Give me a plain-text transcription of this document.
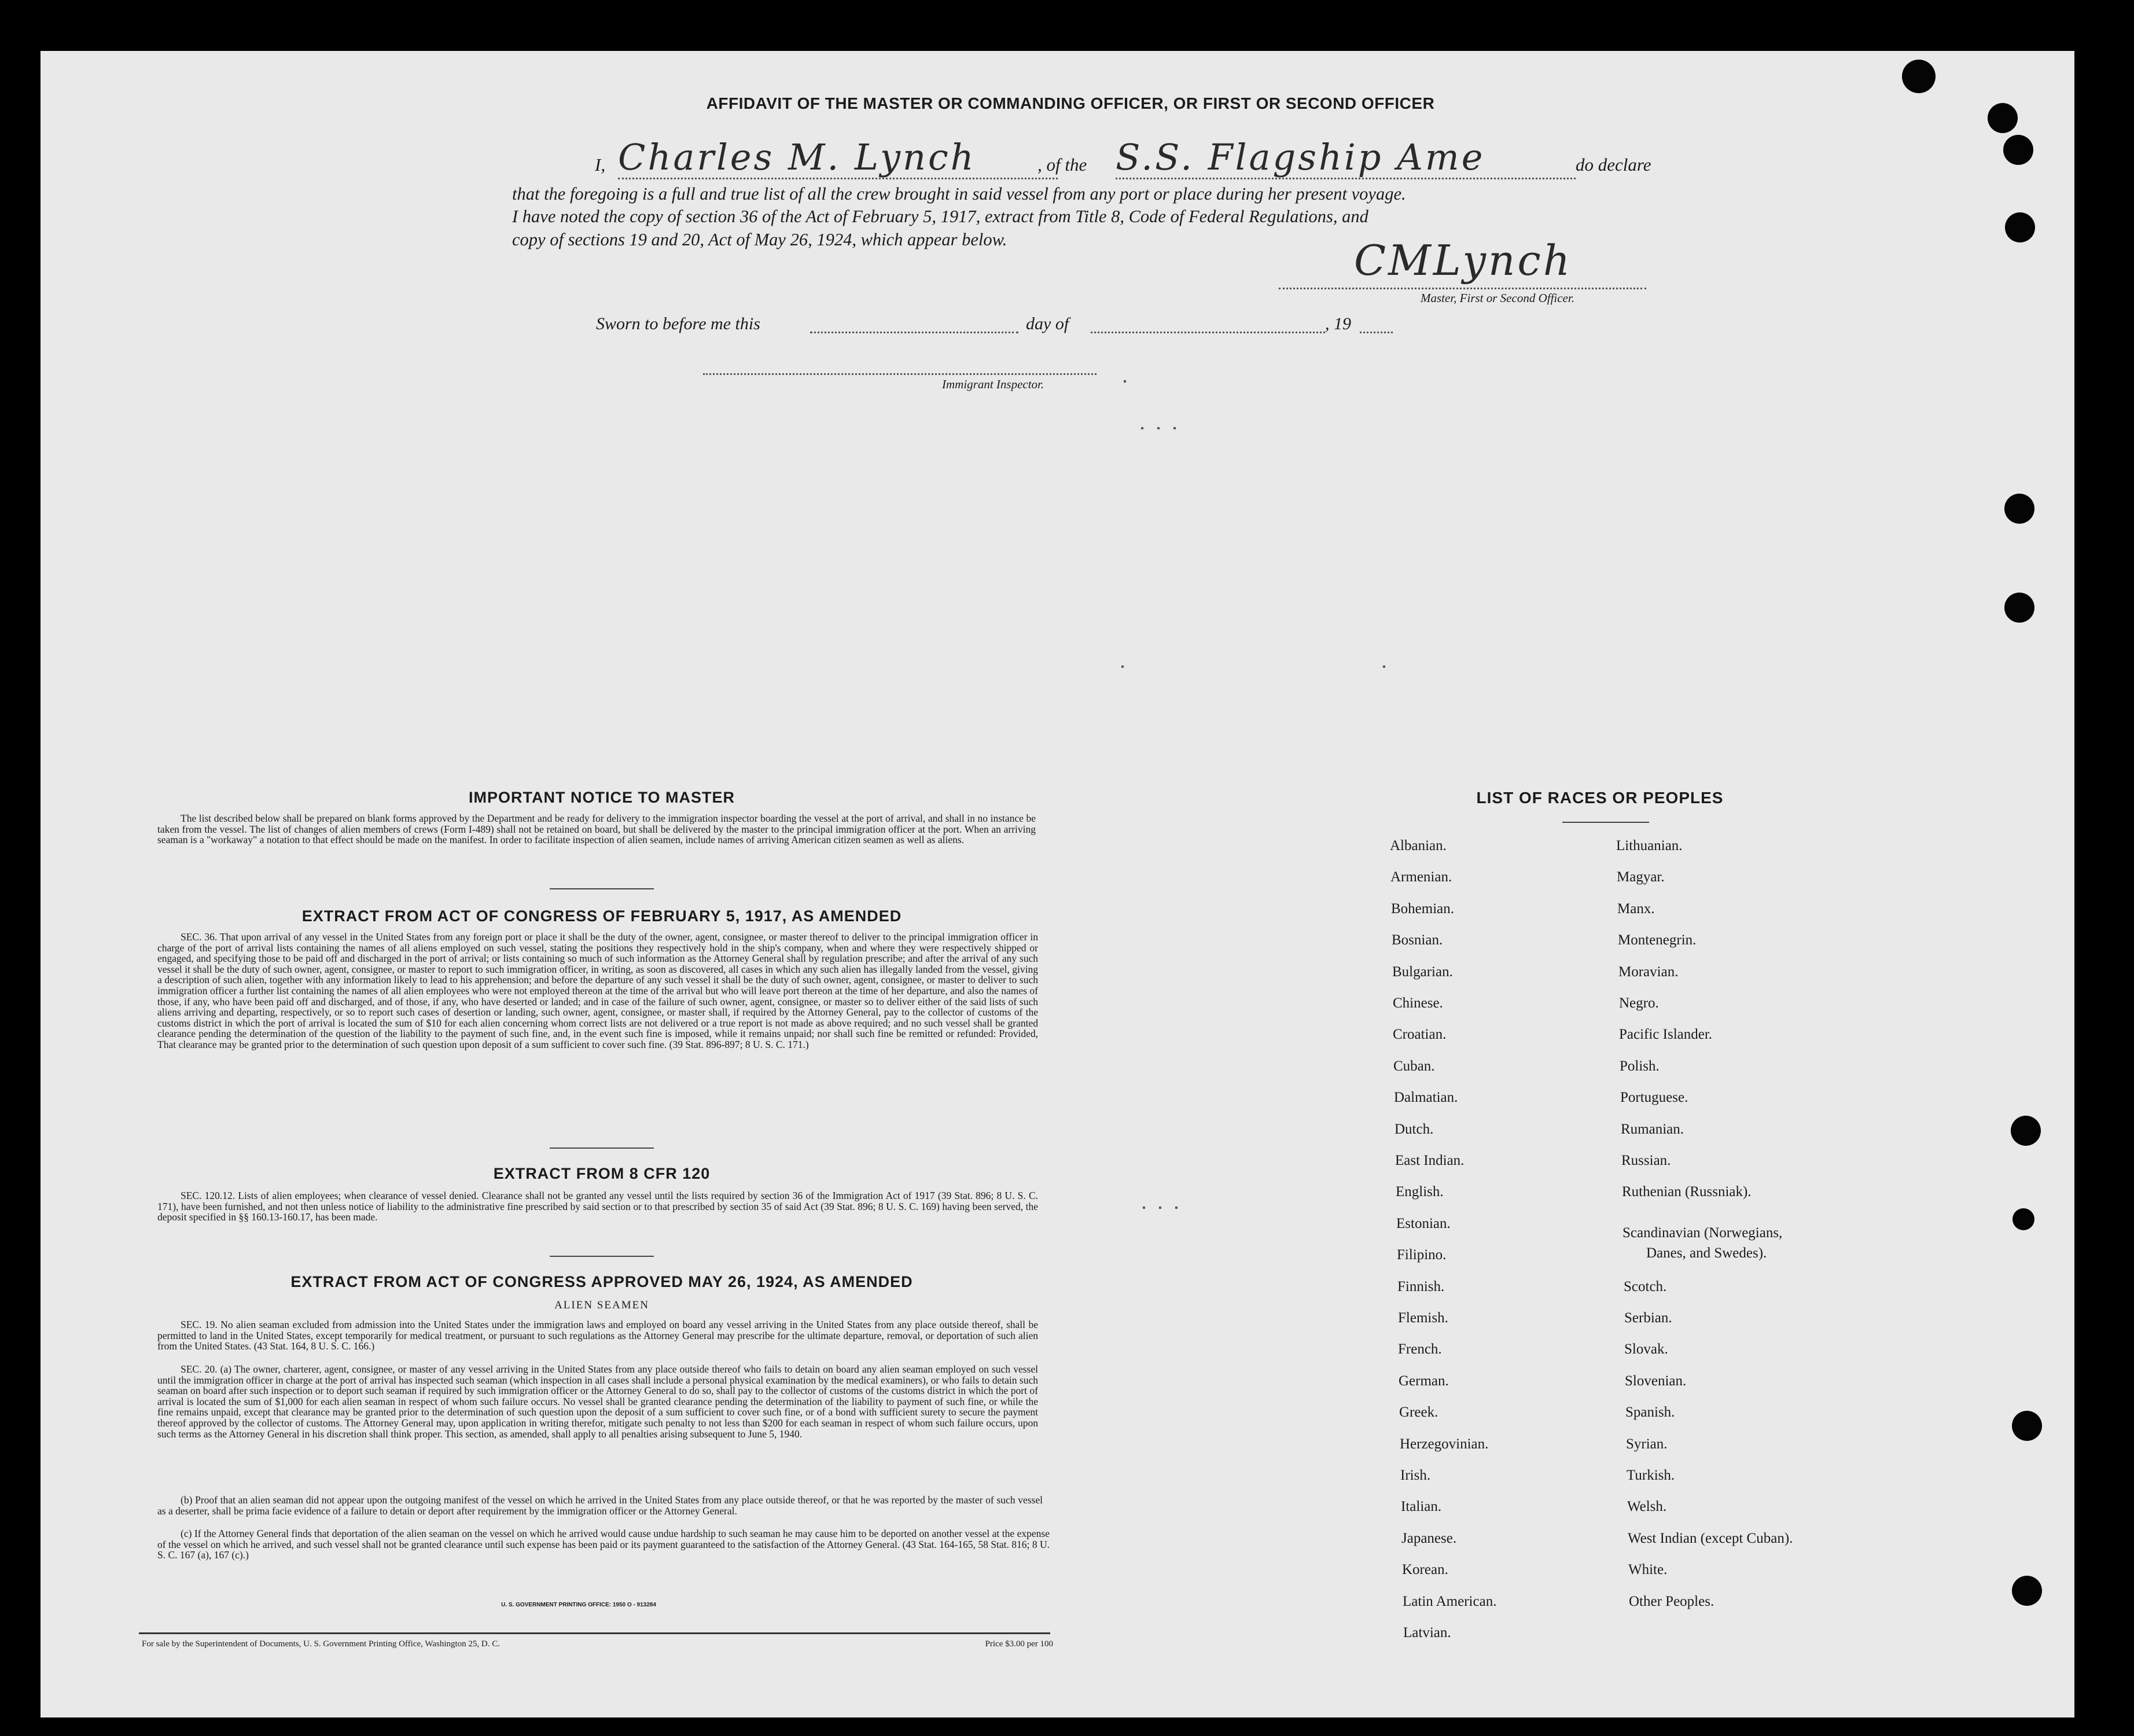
AFFIDAVIT OF THE MASTER OR COMMANDING OFFICER, OR FIRST OR SECOND OFFICER
I, Charles M. Lynch	, of the S.S. Flagship Ame	do declare
that the foregoing is a full and true list of all the crew brought in said vessel from any port or place during her present voyage.
I have noted the copy of section 36 of the Act of February 5, 1917, extract from Title 8, Code of Federal Regulations, and
copy of sections 19 and 20, Act of May 26, 1924, which appear below.	CMLynch
Master, First or Second Officer.
Sworn to before me this	day of	, 19
Immigrant Inspector.
IMPORTANT NOTICE TO MASTER
The list described below shall be prepared on blank forms approved by the Department and be ready for delivery to the immigration inspector boarding the vessel at the port of arrival, and shall in no instance be taken from the vessel. The list of changes of alien members of crews (Form I-489) shall not be retained on board, but shall be delivered by the master to the principal immigration officer at the port. When an arriving seaman is a "workaway" a notation to that effect should be made on the manifest. In order to facilitate inspection of alien seamen, include names of arriving American citizen seamen as well as aliens.
EXTRACT FROM ACT OF CONGRESS OF FEBRUARY 5, 1917, AS AMENDED
SEC. 36. That upon arrival of any vessel in the United States from any foreign port or place it shall be the duty of the owner, agent, consignee, or master thereof to deliver to the principal immigration officer in charge of the port of arrival lists containing the names of all aliens employed on such vessel, stating the positions they respectively hold in the ship's company, when and where they were respectively shipped or engaged, and specifying those to be paid off and discharged in the port of arrival; or lists containing so much of such information as the Attorney General shall by regulation prescribe; and after the arrival of any such vessel it shall be the duty of such owner, agent, consignee, or master to report to such immigration officer, in writing, as soon as discovered, all cases in which any such alien has illegally landed from the vessel, giving a description of such alien, together with any information likely to lead to his apprehension; and before the departure of any such vessel it shall be the duty of such owner, agent, consignee, or master to deliver to such immigration officer a further list containing the names of all alien employees who were not employed thereon at the time of the arrival but who will leave port thereon at the time of her departure, and also the names of those, if any, who have been paid off and discharged, and of those, if any, who have deserted or landed; and in case of the failure of such owner, agent, consignee, or master so to deliver either of the said lists of such aliens arriving and departing, respectively, or so to report such cases of desertion or landing, such owner, agent, consignee, or master shall, if required by the Attorney General, pay to the collector of customs of the customs district in which the port of arrival is located the sum of $10 for each alien concerning whom correct lists are not delivered or a true report is not made as above required; and no such vessel shall be granted clearance pending the determination of the question of the liability to the payment of such fine, and, in the event such fine is imposed, while it remains unpaid; nor shall such fine be remitted or refunded: Provided, That clearance may be granted prior to the determination of such question upon deposit of a sum sufficient to cover such fine. (39 Stat. 896-897; 8 U. S. C. 171.)
EXTRACT FROM 8 CFR 120
SEC. 120.12. Lists of alien employees; when clearance of vessel denied. Clearance shall not be granted any vessel until the lists required by section 36 of the Immigration Act of 1917 (39 Stat. 896; 8 U. S. C. 171), have been furnished, and not then unless notice of liability to the administrative fine prescribed by said section or to that prescribed by section 35 of said Act (39 Stat. 896; 8 U. S. C. 169) having been served, the deposit specified in §§ 160.13-160.17, has been made.
EXTRACT FROM ACT OF CONGRESS APPROVED MAY 26, 1924, AS AMENDED
ALIEN SEAMEN
SEC. 19. No alien seaman excluded from admission into the United States under the immigration laws and employed on board any vessel arriving in the United States from any place outside thereof, shall be permitted to land in the United States, except temporarily for medical treatment, or pursuant to such regulations as the Attorney General may prescribe for the ultimate departure, removal, or deportation of such alien from the United States. (43 Stat. 164, 8 U. S. C. 166.)
SEC. 20. (a) The owner, charterer, agent, consignee, or master of any vessel arriving in the United States from any place outside thereof who fails to detain on board any alien seaman employed on such vessel until the immigration officer in charge at the port of arrival has inspected such seaman (which inspection in all cases shall include a personal physical examination by the medical examiners), or who fails to detain such seaman on board after such inspection or to deport such seaman if required by such immigration officer or the Attorney General to do so, shall pay to the collector of customs of the customs district in which the port of arrival is located the sum of $1,000 for each alien seaman in respect of whom such failure occurs. No vessel shall be granted clearance pending the determination of the liability to payment of such fine, or while the fine remains unpaid, except that clearance may be granted prior to the determination of such question upon the deposit of a sum sufficient to cover such fine, or of a bond with sufficient surety to secure the payment thereof approved by the collector of customs. The Attorney General may, upon application in writing therefor, mitigate such penalty to not less than $200 for each seaman in respect of whom such failure occurs, upon such terms as the Attorney General in his discretion shall think proper. This section, as amended, shall apply to all penalties arising subsequent to June 5, 1940.
(b) Proof that an alien seaman did not appear upon the outgoing manifest of the vessel on which he arrived in the United States from any place outside thereof, or that he was reported by the master of such vessel as a deserter, shall be prima facie evidence of a failure to detain or deport after requirement by the immigration officer or the Attorney General.
(c) If the Attorney General finds that deportation of the alien seaman on the vessel on which he arrived would cause undue hardship to such seaman he may cause him to be deported on another vessel at the expense of the vessel on which he arrived, and such vessel shall not be granted clearance until such expense has been paid or its payment guaranteed to the satisfaction of the Attorney General. (43 Stat. 164-165, 58 Stat. 816; 8 U. S. C. 167 (a), 167 (c).)
U. S. GOVERNMENT PRINTING OFFICE: 1950 O - 913284
For sale by the Superintendent of Documents, U. S. Government Printing Office, Washington 25, D. C.	Price $3.00 per 100
LIST OF RACES OR PEOPLES
Albanian.
Armenian.
Bohemian.
Bosnian.
Bulgarian.
Chinese.
Croatian.
Cuban.
Dalmatian.
Dutch.
East Indian.
English.
Estonian.
Filipino.
Finnish.
Flemish.
French.
German.
Greek.
Herzegovinian.
Irish.
Italian.
Japanese.
Korean.
Latin American.
Latvian.
Lithuanian.
Magyar.
Manx.
Montenegrin.
Moravian.
Negro.
Pacific Islander.
Polish.
Portuguese.
Rumanian.
Russian.
Ruthenian (Russniak).
Scandinavian (Norwegians,
Danes, and Swedes).
Scotch.
Serbian.
Slovak.
Slovenian.
Spanish.
Syrian.
Turkish.
Welsh.
West Indian (except Cuban).
White.
Other Peoples.
